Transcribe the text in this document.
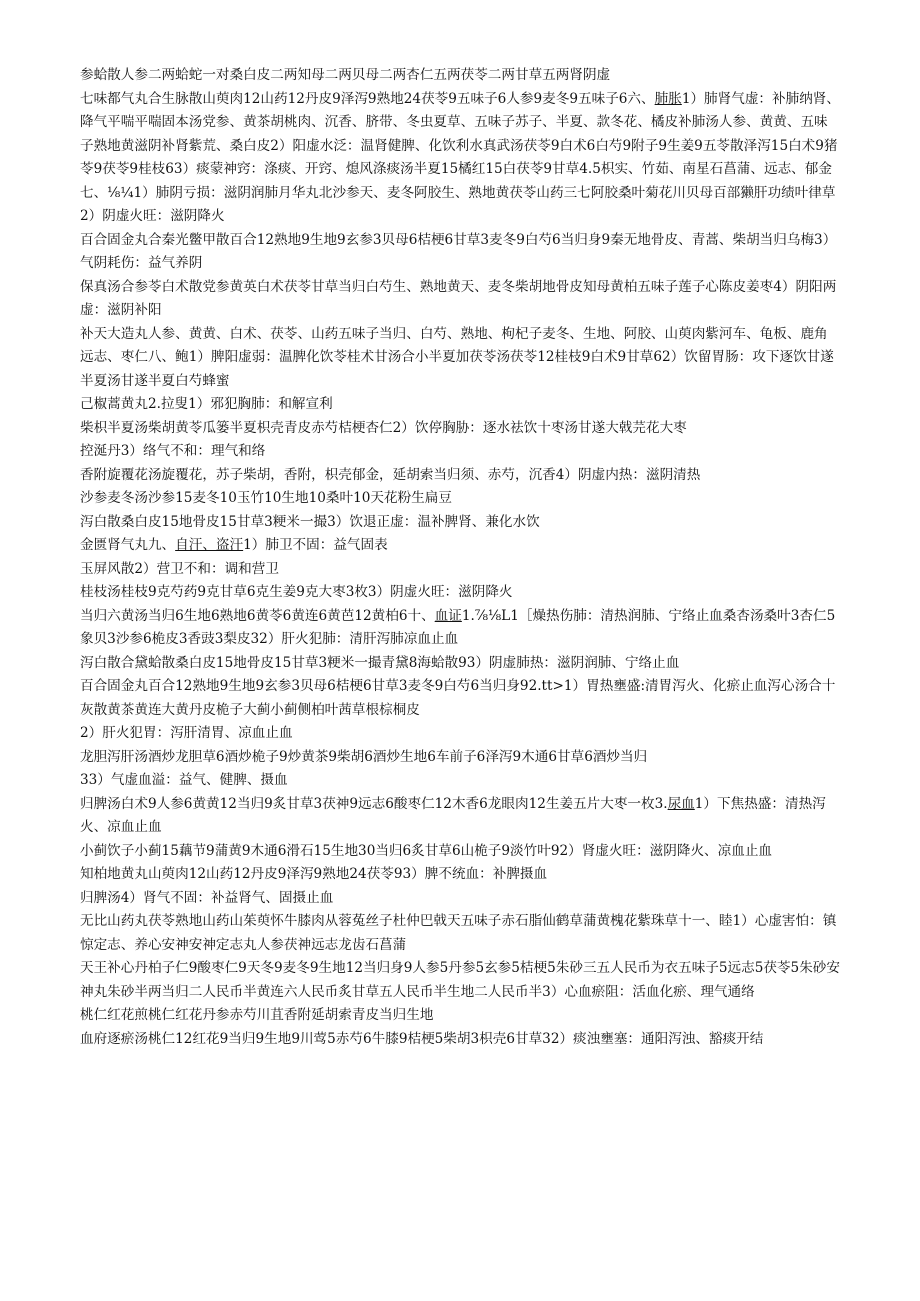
参蛤散人参二两蛤蛇一对桑白皮二两知母二两贝母二两杏仁五两茯苓二两甘草五两肾阴虚

七味都气丸合生脉散山萸肉12山药12丹皮9泽泻9熟地24茯苓9五味子6人参9麦冬9五味子6六、肺胀1）肺肾气虚：补肺纳肾、降气平喘平喘固本汤党参、黄茶胡桃肉、沉香、脐带、冬虫夏草、五味子苏子、半夏、款冬花、橘皮补肺汤人参、黄黄、五味子熟地黄滋阴补肾紫荒、桑白皮2）阳虚水泛：温肾健脾、化饮利水真武汤茯苓9白术6白芍9附子9生姜9五苓散泽泻15白术9猪苓9茯苓9桂枝63）痰蒙神窍：涤痰、开窍、熄风涤痰汤半夏15橘红15白茯苓9甘草4.5枳实、竹茹、南星石菖蒲、远志、郁金七、⅛¼1）肺阴亏损：滋阴润肺月华丸北沙参天、麦冬阿胶生、熟地黄茯苓山药三七阿胶桑叶菊花川贝母百部獭肝功绩叶律草2）阴虚火旺：滋阴降火

百合固金丸合秦光鳖甲散百合12熟地9生地9玄参3贝母6桔梗6甘草3麦冬9白芍6当归身9秦无地骨皮、青蒿、柴胡当归乌梅3）气阴耗伤：益气养阴

保真汤合参苓白术散党参黄英白术茯苓甘草当归白芍生、熟地黄天、麦冬柴胡地骨皮知母黄柏五味子莲子心陈皮姜枣4）阴阳两虚：滋阴补阳

补天大造丸人参、黄黄、白术、茯苓、山药五味子当归、白芍、熟地、枸杞子麦冬、生地、阿胶、山萸肉紫河车、龟板、鹿角远志、枣仁八、鲍1）脾阳虚弱：温脾化饮苓桂术甘汤合小半夏加茯苓汤茯苓12桂枝9白术9甘草62）饮留胃肠：攻下逐饮甘遂半夏汤甘遂半夏白芍蜂蜜

己椒蒿黄丸2.拉叟1）邪犯胸肺：和解宣利

柴枳半夏汤柴胡黄苓瓜篓半夏枳壳青皮赤芍桔梗杏仁2）饮停胸胁：逐水祛饮十枣汤甘遂大戟芫花大枣

控涎丹3）络气不和：理气和络

香附旋覆花汤旋覆花，苏子柴胡，香附，枳壳郁金，延胡索当归须、赤芍，沉香4）阴虚内热：滋阴清热

沙参麦冬汤沙参15麦冬10玉竹10生地10桑叶10天花粉生扁豆

泻白散桑白皮15地骨皮15甘草3粳米一撮3）饮退正虚：温补脾肾、兼化水饮

金匮肾气丸九、自汗、盗汗1）肺卫不固：益气固表

玉屏风散2）营卫不和：调和营卫

桂枝汤桂枝9克芍药9克甘草6克生姜9克大枣3枚3）阴虚火旺：滋阴降火

当归六黄汤当归6生地6熟地6黄苓6黄连6黄芭12黄柏6十、血证1.⅞⅛L1［燥热伤肺：清热润肺、宁络止血桑杏汤桑叶3杏仁5象贝3沙参6桅皮3香豉3梨皮32）肝火犯肺：清肝泻肺凉血止血

泻白散合黛蛤散桑白皮15地骨皮15甘草3粳米一撮青黛8海蛤散93）阴虚肺热：滋阴润肺、宁络止血

百合固金丸百合12熟地9生地9玄参3贝母6桔梗6甘草3麦冬9白芍6当归身92.tt>1）胃热壅盛:清胃泻火、化瘀止血泻心汤合十灰散黄茶黄连大黄丹皮桅子大蓟小蓟侧柏叶茜草根棕桐皮

2）肝火犯胃：泻肝清胃、凉血止血

龙胆泻肝汤酒炒龙胆草6酒炒桅子9炒黄茶9柴胡6酒炒生地6车前子6泽泻9木通6甘草6酒炒当归

33）气虚血溢：益气、健脾、摄血

归脾汤白术9人参6黄黄12当归9炙甘草3茯神9远志6酸枣仁12木香6龙眼肉12生姜五片大枣一枚3.尿血1）下焦热盛：清热泻火、凉血止血

小蓟饮子小蓟15藕节9蒲黄9木通6滑石15生地30当归6炙甘草6山桅子9淡竹叶92）肾虚火旺：滋阴降火、凉血止血

知柏地黄丸山萸肉12山药12丹皮9泽泻9熟地24茯苓93）脾不统血：补脾摄血

归脾汤4）肾气不固：补益肾气、固摄止血

无比山药丸茯苓熟地山药山茱萸怀牛膝肉从蓉菟丝子杜仲巴戟天五味子赤石脂仙鹤草蒲黄槐花紫珠草十一、睦1）心虚害怕：镇惊定志、养心安神安神定志丸人参茯神远志龙齿石菖蒲

天王补心丹柏子仁9酸枣仁9天冬9麦冬9生地12当归身9人参5丹参5玄参5桔梗5朱砂三五人民币为衣五味子5远志5茯苓5朱砂安神丸朱砂半两当归二人民币半黄连六人民币炙甘草五人民币半生地二人民币半3）心血瘀阻：活血化瘀、理气通络

桃仁红花煎桃仁红花丹参赤芍川苴香附延胡索青皮当归生地

血府逐瘀汤桃仁12红花9当归9生地9川莺5赤芍6牛膝9桔梗5柴胡3枳壳6甘草32）痰浊壅塞：通阳泻浊、豁痰开结
